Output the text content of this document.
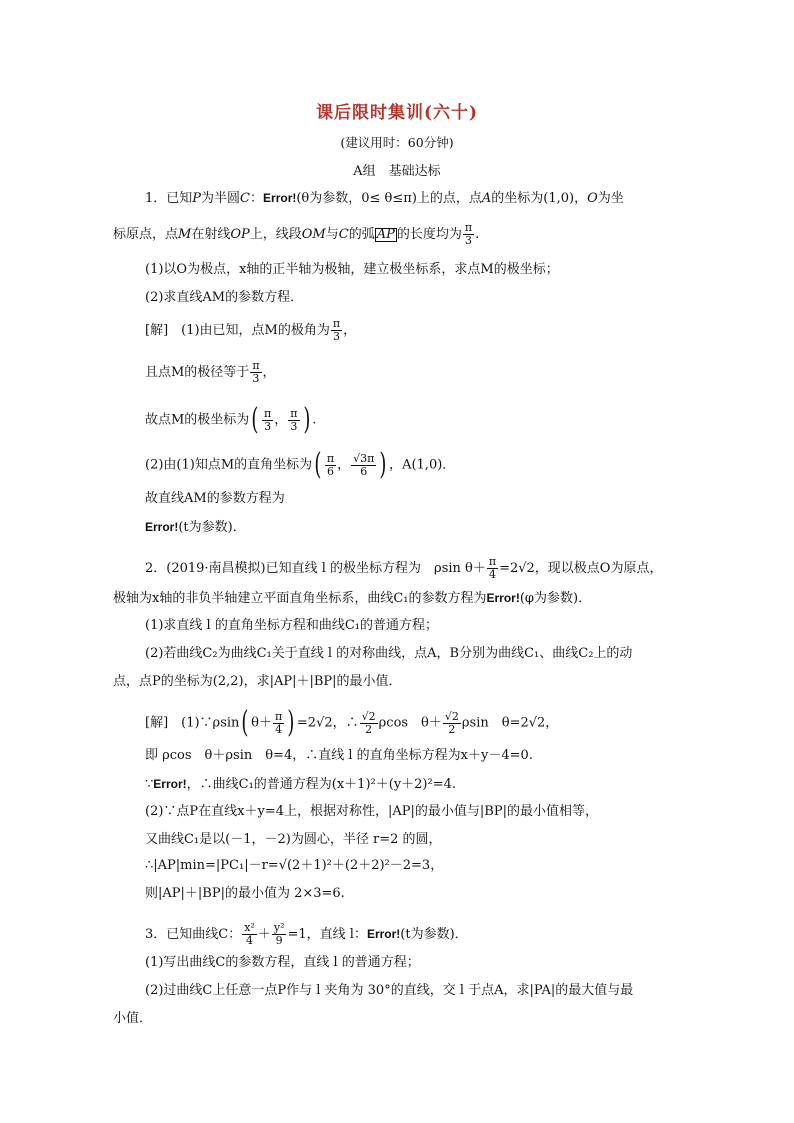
课后限时集训(六十)
(建议用时：60分钟)
A组　基础达标
1．已知P为半圆C：Error!(θ为参数，0≤ θ≤π)上的点，点A的坐标为(1,0)，O为坐
标原点，点M在射线OP上，线段OM与C的弧 AP 的长度均为 $\frac{\pi}{3}$ .
(1)以O为极点，x轴的正半轴为极轴，建立极坐标系，求点M的极坐标；
(2)求直线AM的参数方程．
[解]　(1)由已知，点M的极角为 $\frac{\pi}{3}$ ，
且点M的极径等于 $\frac{\pi}{3}$ ，
故点M的极坐标为( $\frac{\pi}{3}$ ， $\frac{\pi}{3}$ ) .
(2)由(1)知点M的直角坐标为( $\frac{\pi}{6}$ ， $\frac{√3\pi}{6}$ ) ，A(1,0)．
故直线AM的参数方程为
Error!(t为参数)．
2．(2019·南昌模拟)已知直线 l 的极坐标方程为　ρsin $\theta+ \frac{\pi}{4} =2√2$，现以极点O为原点，
极轴为x轴的非负半轴建立平面直角坐标系，曲线C₁的参数方程为Error!(φ为参数)．
(1)求直线 l 的直角坐标方程和曲线C₁的普通方程；
(2)若曲线C₂为曲线C₁关于直线 l 的对称曲线，点A，B分别为曲线C₁、曲线C₂上的动
点，点P的坐标为(2,2)，求|AP|＋|BP|的最小值．
[解]　(1)∵ρsin( $\theta+ \frac{\pi}{4}$ ) =2√2，∴ $\frac{√2}{2}$ ρcos　$\theta+ \frac{√2}{2}$ ρsin　θ=2√2，
即 ρcos　θ＋ρsin　θ=4，∴直线 l 的直角坐标方程为x＋y－4=0.
∵Error!，∴曲线C₁的普通方程为(x＋1)²＋(y＋2)²=4.
(2)∵点P在直线x＋y=4上，根据对称性，|AP|的最小值与|BP|的最小值相等，
又曲线C₁是以(－1，－2)为圆心，半径 r=2 的圆，
∴|AP|min=|PC₁|－r=√(2＋1)²＋(2＋2)²－2=3，
则|AP|＋|BP|的最小值为 2×3=6.
3．已知曲线C： $\frac{\text{x²}}{4} + \frac{\text{y²}}{9} =1$，直线 l：Error!(t为参数)．
(1)写出曲线C的参数方程，直线 l 的普通方程；
(2)过曲线C上任意一点P作与 l 夹角为 30°的直线，交 l 于点A，求|PA|的最大值与最
小值．
